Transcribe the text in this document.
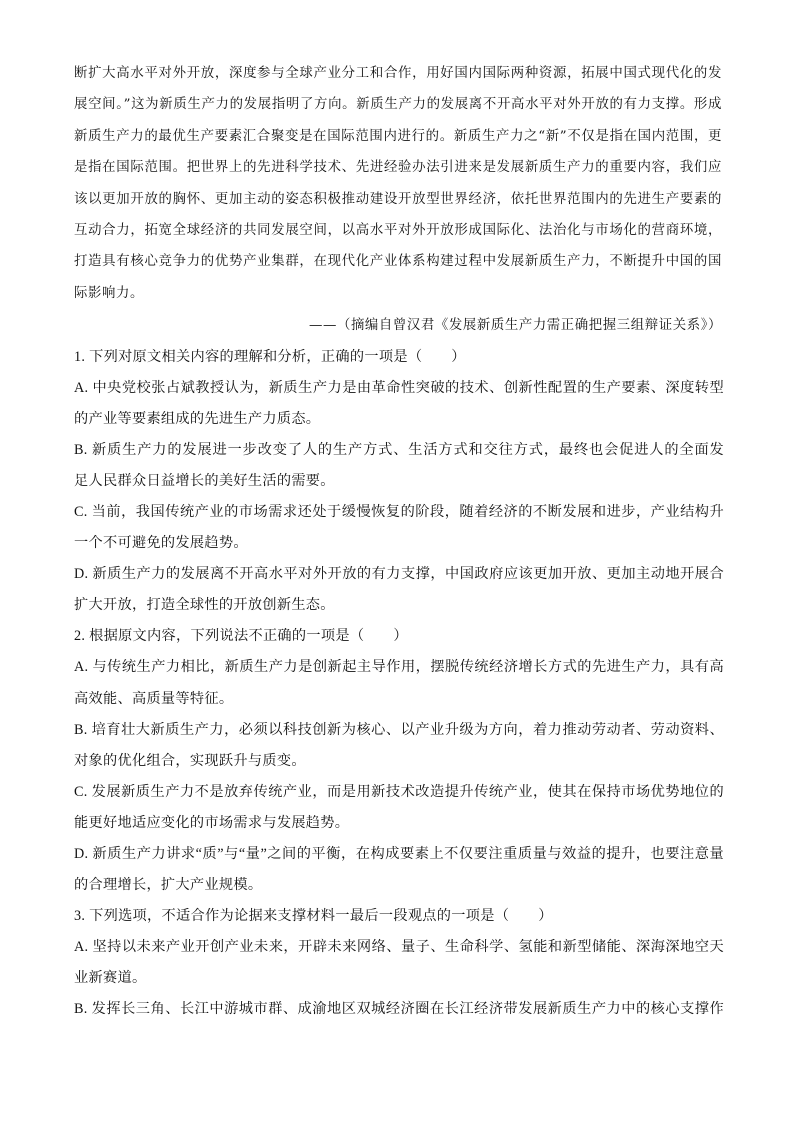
断扩大高水平对外开放，深度参与全球产业分工和合作，用好国内国际两种资源，拓展中国式现代化的发展空间。”这为新质生产力的发展指明了方向。新质生产力的发展离不开高水平对外开放的有力支撑。形成新质生产力的最优生产要素汇合聚变是在国际范围内进行的。新质生产力之“新”不仅是指在国内范围，更是指在国际范围。把世界上的先进科学技术、先进经验办法引进来是发展新质生产力的重要内容，我们应该以更加开放的胸怀、更加主动的姿态积极推动建设开放型世界经济，依托世界范围内的先进生产要素的互动合力，拓宽全球经济的共同发展空间，以高水平对外开放形成国际化、法治化与市场化的营商环境，打造具有核心竞争力的优势产业集群，在现代化产业体系构建过程中发展新质生产力，不断提升中国的国际影响力。

——（摘编自曾汉君《发展新质生产力需正确把握三组辩证关系》）
1. 下列对原文相关内容的理解和分析，正确的一项是（　　）
A. 中央党校张占斌教授认为，新质生产力是由革命性突破的技术、创新性配置的生产要素、深度转型
的产业等要素组成的先进生产力质态。
B. 新质生产力的发展进一步改变了人的生产方式、生活方式和交往方式，最终也会促进人的全面发
足人民群众日益增长的美好生活的需要。
C. 当前，我国传统产业的市场需求还处于缓慢恢复的阶段，随着经济的不断发展和进步，产业结构升
一个不可避免的发展趋势。
D. 新质生产力的发展离不开高水平对外开放的有力支撑，中国政府应该更加开放、更加主动地开展合
扩大开放，打造全球性的开放创新生态。
2. 根据原文内容，下列说法不正确的一项是（　　）
A. 与传统生产力相比，新质生产力是创新起主导作用，摆脱传统经济增长方式的先进生产力，具有高
高效能、高质量等特征。
B. 培育壮大新质生产力，必须以科技创新为核心、以产业升级为方向，着力推动劳动者、劳动资料、
对象的优化组合，实现跃升与质变。
C. 发展新质生产力不是放弃传统产业，而是用新技术改造提升传统产业，使其在保持市场优势地位的
能更好地适应变化的市场需求与发展趋势。
D. 新质生产力讲求“质”与“量”之间的平衡，在构成要素上不仅要注重质量与效益的提升，也要注意量
的合理增长，扩大产业规模。
3. 下列选项，不适合作为论据来支撑材料一最后一段观点的一项是（　　）
A. 坚持以未来产业开创产业未来，开辟未来网络、量子、生命科学、氢能和新型储能、深海深地空天
业新赛道。
B. 发挥长三角、长江中游城市群、成渝地区双城经济圈在长江经济带发展新质生产力中的核心支撑作
